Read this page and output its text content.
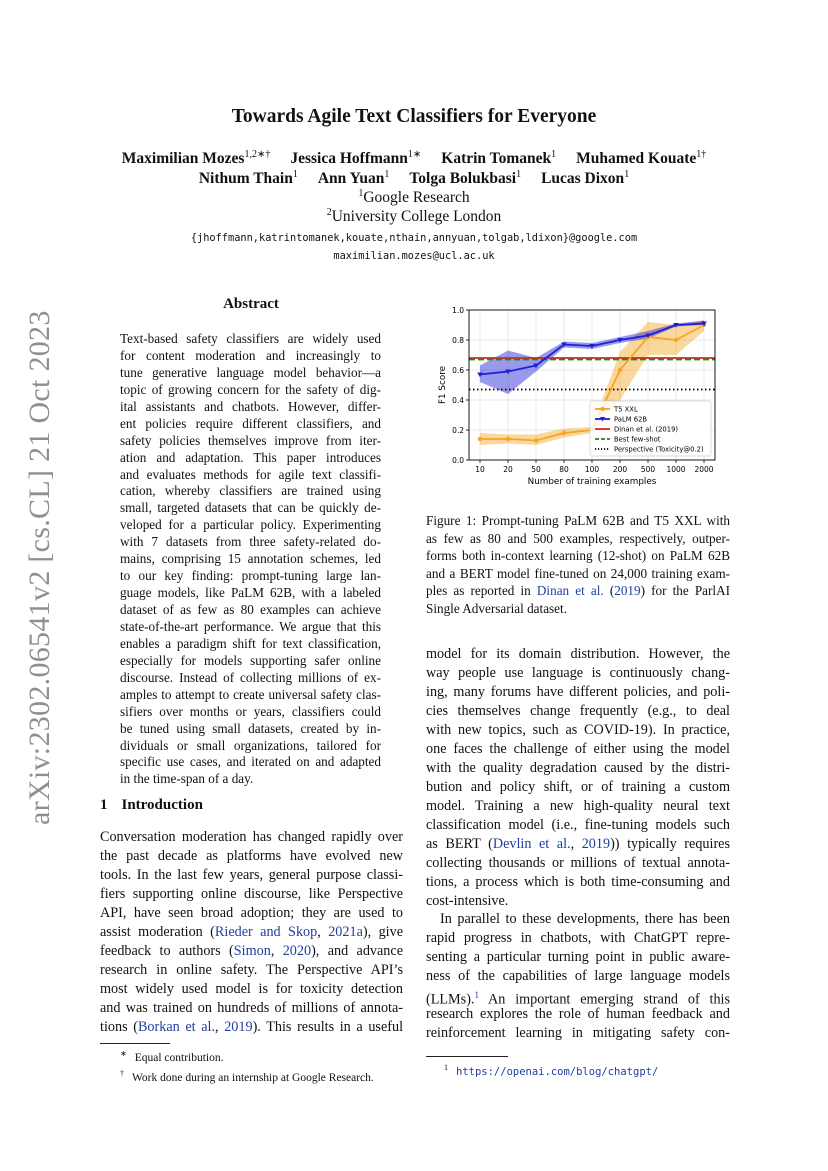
arXiv:2302.06541v2 [cs.CL] 21 Oct 2023
Towards Agile Text Classifiers for Everyone
Maximilian Mozes$^{1,2∗\dagger}$ Jessica Hoffmann$^{1∗}$ Katrin Tomanek$^1$ Muhamed Kouate$^{1\dagger}$
Nithum Thain$^1$ Ann Yuan$^1$ Tolga Bolukbasi$^1$ Lucas Dixon$^1$
$^1$Google Research
$^2$University College London
{jhoffmann,katrintomanek,kouate,nthain,annyuan,tolgab,ldixon}@google.com
maximilian.mozes@ucl.ac.uk
Abstract
Text-based safety classifiers are widely used
for content moderation and increasingly to
tune generative language model behavior—a
topic of growing concern for the safety of dig-
ital assistants and chatbots. However, differ-
ent policies require different classifiers, and
safety policies themselves improve from iter-
ation and adaptation. This paper introduces
and evaluates methods for agile text classifi-
cation, whereby classifiers are trained using
small, targeted datasets that can be quickly de-
veloped for a particular policy. Experimenting
with 7 datasets from three safety-related do-
mains, comprising 15 annotation schemes, led
to our key finding: prompt-tuning large lan-
guage models, like PaLM 62B, with a labeled
dataset of as few as 80 examples can achieve
state-of-the-art performance. We argue that this
enables a paradigm shift for text classification,
especially for models supporting safer online
discourse. Instead of collecting millions of ex-
amples to attempt to create universal safety clas-
sifiers over months or years, classifiers could
be tuned using small datasets, created by in-
dividuals or small organizations, tailored for
specific use cases, and iterated on and adapted
in the time-span of a day.
1 Introduction
Conversation moderation has changed rapidly over
the past decade as platforms have evolved new
tools. In the last few years, general purpose classi-
fiers supporting online discourse, like Perspective
API, have seen broad adoption; they are used to
assist moderation (Rieder and Skop, 2021a), give
feedback to authors (Simon, 2020), and advance
research in online safety. The Perspective API’s
most widely used model is for toxicity detection
and was trained on hundreds of millions of annota-
tions (Borkan et al., 2019). This results in a useful
model for its domain distribution. However, the
way people use language is continuously chang-
ing, many forums have different policies, and poli-
cies themselves change frequently (e.g., to deal
with new topics, such as COVID-19). In practice,
one faces the challenge of either using the model
with the quality degradation caused by the distri-
bution and policy shift, or of training a custom
model. Training a new high-quality neural text
classification model (i.e., fine-tuning models such
as BERT (Devlin et al., 2019)) typically requires
collecting thousands or millions of textual annota-
tions, a process which is both time-consuming and
cost-intensive.
In parallel to these developments, there has been
rapid progress in chatbots, with ChatGPT repre-
senting a particular turning point in public aware-
ness of the capabilities of large language models
(LLMs).$^1$ An important emerging strand of this
research explores the role of human feedback and
reinforcement learning in mitigating safety con-
∗ Equal contribution.
† Work done during an internship at Google Research.
$^1$ https://openai.com/blog/chatgpt/
0.0
0.2
0.4
0.6
0.8
1.0
10 20 50 80 100 200 500 1000 2000
Number of training examples
F1 Score
T5 XXL
PaLM 62B
Dinan et al. (2019)
Best few-shot
Perspective (Toxicity@0.2)
Figure 1: Prompt-tuning PaLM 62B and T5 XXL with
as few as 80 and 500 examples, respectively, outper-
forms both in-context learning (12-shot) on PaLM 62B
and a BERT model fine-tuned on 24,000 training exam-
ples as reported in Dinan et al. (2019) for the ParlAI
Single Adversarial dataset.
